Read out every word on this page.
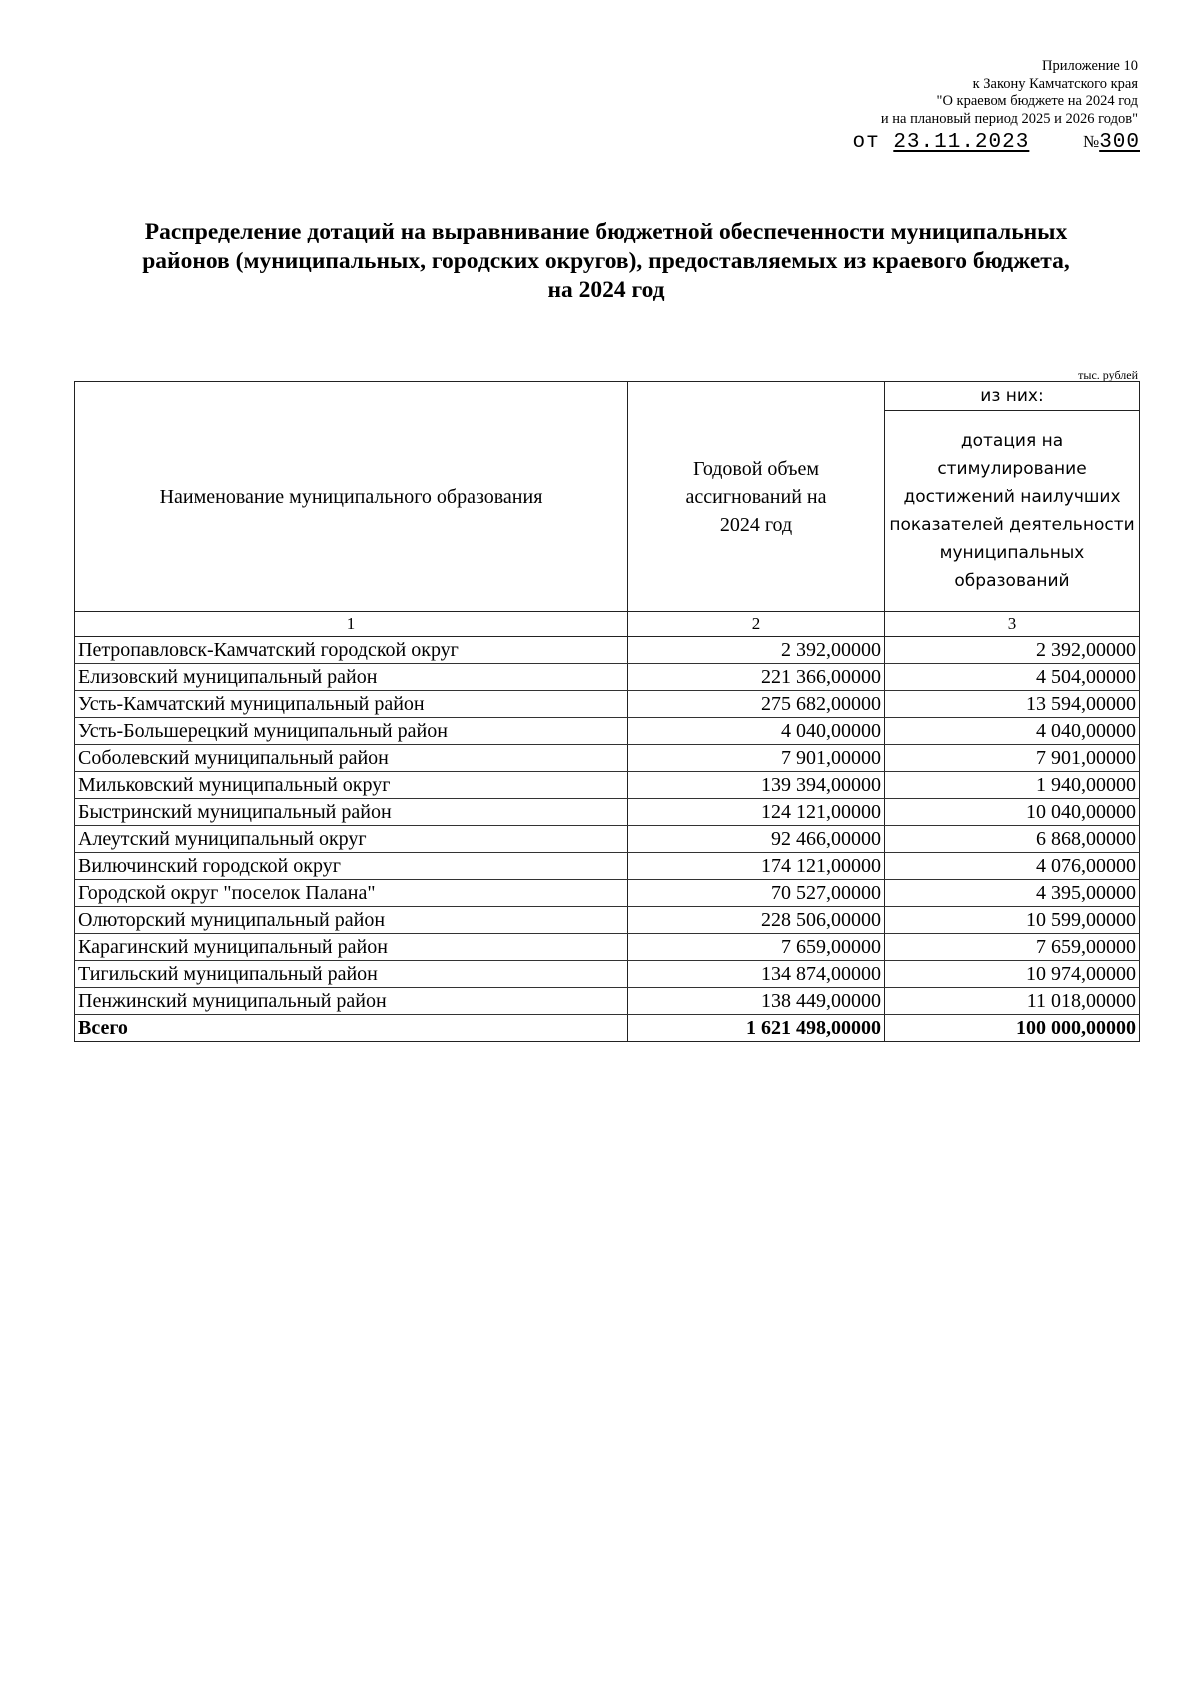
Приложение 10
к Закону Камчатского края
"О краевом бюджете на 2024 год
и на плановый период 2025 и 2026 годов"
от 23.11.2023	№300
Распределение дотаций на выравнивание бюджетной обеспеченности муниципальных
районов (муниципальных, городских округов), предоставляемых из краевого бюджета,
на 2024 год
тыс. рублей
Наименование муниципального образования	Годовой объем ассигнований на 2024 год	из них:
		дотация на стимулирование достижений наилучших показателей деятельности муниципальных образований
1	2	3
Петропавловск-Камчатский городской округ	2 392,00000	2 392,00000
Елизовский муниципальный район	221 366,00000	4 504,00000
Усть-Камчатский муниципальный район	275 682,00000	13 594,00000
Усть-Большерецкий муниципальный район	4 040,00000	4 040,00000
Соболевский муниципальный район	7 901,00000	7 901,00000
Мильковский муниципальный округ	139 394,00000	1 940,00000
Быстринский муниципальный район	124 121,00000	10 040,00000
Алеутский муниципальный округ	92 466,00000	6 868,00000
Вилючинский городской округ	174 121,00000	4 076,00000
Городской округ "поселок Палана"	70 527,00000	4 395,00000
Олюторский муниципальный район	228 506,00000	10 599,00000
Карагинский муниципальный район	7 659,00000	7 659,00000
Тигильский муниципальный район	134 874,00000	10 974,00000
Пенжинский муниципальный район	138 449,00000	11 018,00000
Всего	1 621 498,00000	100 000,00000
